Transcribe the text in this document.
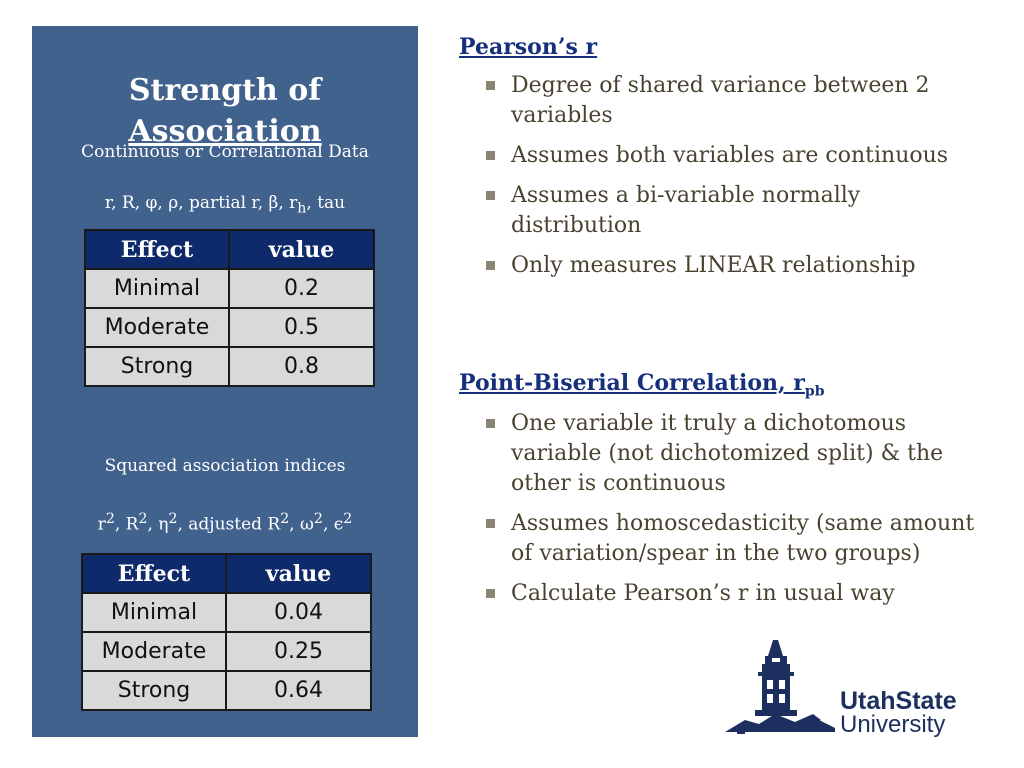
Strength of
Association
Continuous or Correlational Data
r, R, φ, ρ, partial r, β, $r_h$, tau
Squared association indices
$r^2$, $R^2$, $\eta^2$, adjusted $R^2$, $\omega^2$, $\epsilon^2$
Effect	value
Minimal	0.2
Moderate	0.5
Strong	0.8
Effect	value
Minimal	0.04
Moderate	0.25
Strong	0.64
Pearson’s r
Degree of shared variance between 2 variables
Assumes both variables are continuous
Assumes a bi-variable normally distribution
Only measures LINEAR relationship
Point-Biserial Correlation, $r_{pb}$
One variable it truly a dichotomous variable (not dichotomized split) & the other is continuous
Assumes homoscedasticity (same amount of variation/spear in the two groups)
Calculate Pearson’s r in usual way
UtahState
University
